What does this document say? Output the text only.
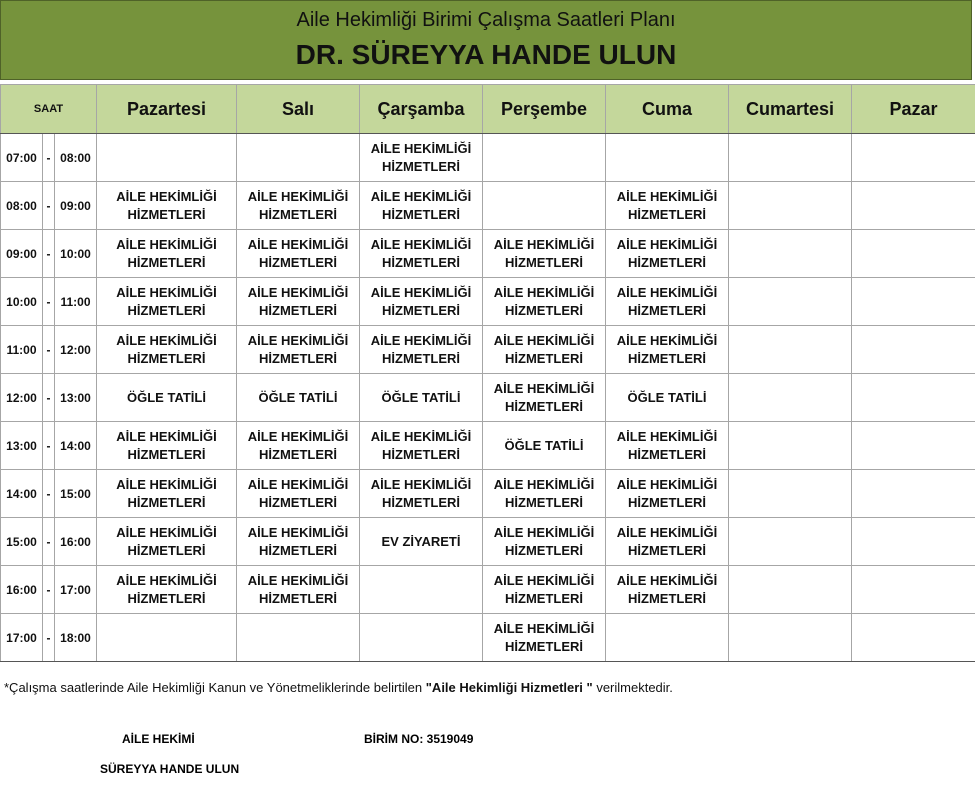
Aile Hekimliği Birimi Çalışma Saatleri Planı
DR. SÜREYYA HANDE ULUN
SAAT			Pazartesi	Salı	Çarşamba	Perşembe	Cuma	Cumartesi	Pazar
07:00	-	08:00			AİLE HEKİMLİĞİ HİZMETLERİ				
08:00	-	09:00	AİLE HEKİMLİĞİ HİZMETLERİ	AİLE HEKİMLİĞİ HİZMETLERİ	AİLE HEKİMLİĞİ HİZMETLERİ		AİLE HEKİMLİĞİ HİZMETLERİ		
09:00	-	10:00	AİLE HEKİMLİĞİ HİZMETLERİ	AİLE HEKİMLİĞİ HİZMETLERİ	AİLE HEKİMLİĞİ HİZMETLERİ	AİLE HEKİMLİĞİ HİZMETLERİ	AİLE HEKİMLİĞİ HİZMETLERİ		
10:00	-	11:00	AİLE HEKİMLİĞİ HİZMETLERİ	AİLE HEKİMLİĞİ HİZMETLERİ	AİLE HEKİMLİĞİ HİZMETLERİ	AİLE HEKİMLİĞİ HİZMETLERİ	AİLE HEKİMLİĞİ HİZMETLERİ		
11:00	-	12:00	AİLE HEKİMLİĞİ HİZMETLERİ	AİLE HEKİMLİĞİ HİZMETLERİ	AİLE HEKİMLİĞİ HİZMETLERİ	AİLE HEKİMLİĞİ HİZMETLERİ	AİLE HEKİMLİĞİ HİZMETLERİ		
12:00	-	13:00	ÖĞLE TATİLİ	ÖĞLE TATİLİ	ÖĞLE TATİLİ	AİLE HEKİMLİĞİ HİZMETLERİ	ÖĞLE TATİLİ		
13:00	-	14:00	AİLE HEKİMLİĞİ HİZMETLERİ	AİLE HEKİMLİĞİ HİZMETLERİ	AİLE HEKİMLİĞİ HİZMETLERİ	ÖĞLE TATİLİ	AİLE HEKİMLİĞİ HİZMETLERİ		
14:00	-	15:00	AİLE HEKİMLİĞİ HİZMETLERİ	AİLE HEKİMLİĞİ HİZMETLERİ	AİLE HEKİMLİĞİ HİZMETLERİ	AİLE HEKİMLİĞİ HİZMETLERİ	AİLE HEKİMLİĞİ HİZMETLERİ		
15:00	-	16:00	AİLE HEKİMLİĞİ HİZMETLERİ	AİLE HEKİMLİĞİ HİZMETLERİ	EV ZİYARETİ	AİLE HEKİMLİĞİ HİZMETLERİ	AİLE HEKİMLİĞİ HİZMETLERİ		
16:00	-	17:00	AİLE HEKİMLİĞİ HİZMETLERİ	AİLE HEKİMLİĞİ HİZMETLERİ		AİLE HEKİMLİĞİ HİZMETLERİ	AİLE HEKİMLİĞİ HİZMETLERİ		
17:00	-	18:00				AİLE HEKİMLİĞİ HİZMETLERİ			
*Çalışma saatlerinde Aile Hekimliği Kanun ve Yönetmeliklerinde belirtilen "Aile Hekimliği Hizmetleri " verilmektedir.
AİLE HEKİMİ	BİRİM NO: 3519049
SÜREYYA HANDE ULUN
